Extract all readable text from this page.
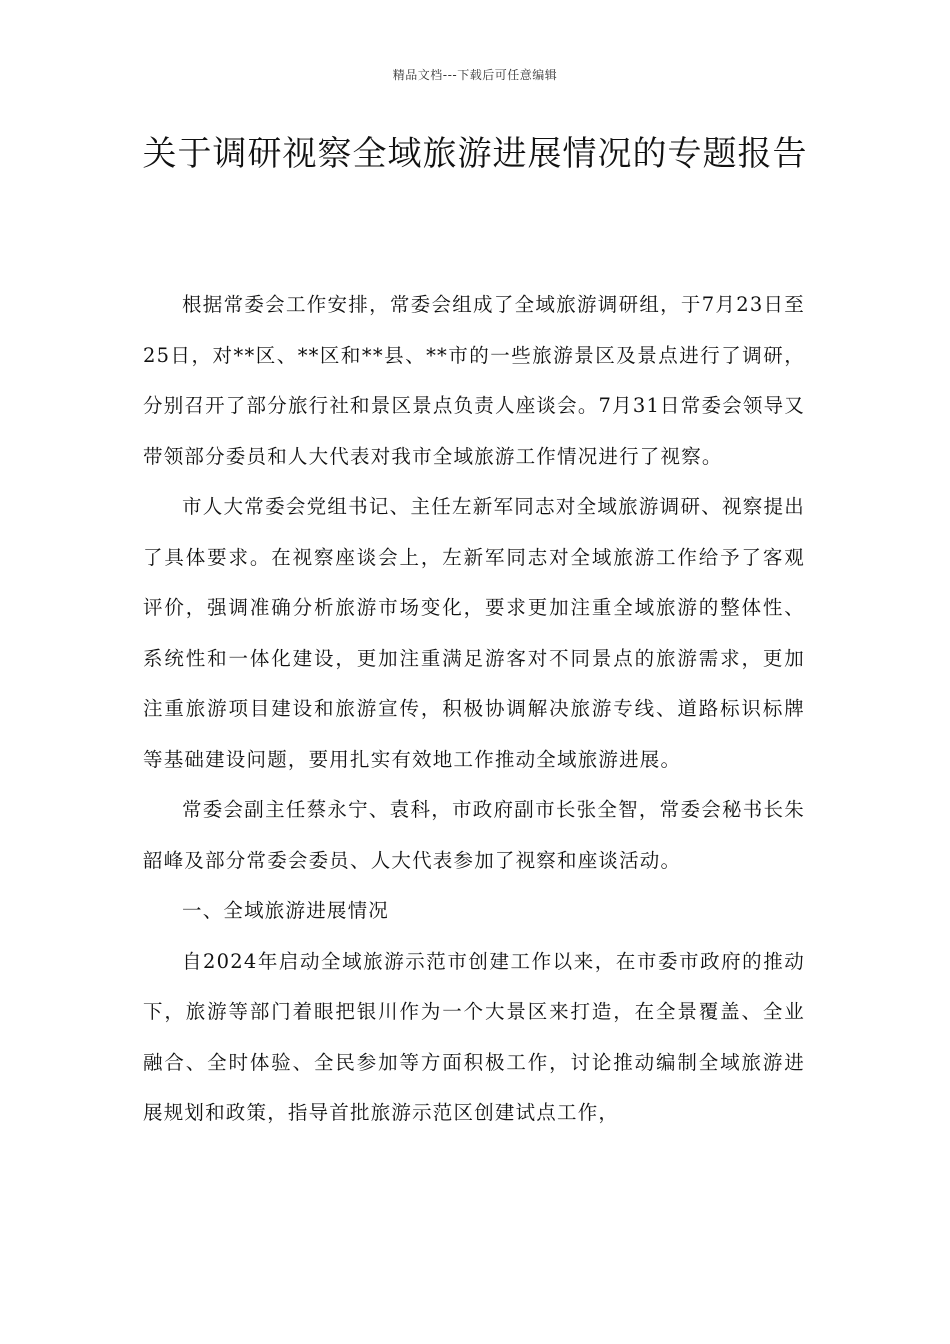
精品文档---下载后可任意编辑
关于调研视察全域旅游进展情况的专题报告

根据常委会工作安排，常委会组成了全域旅游调研组，于7月23日至25日，对**区、**区和**县、**市的一些旅游景区及景点进行了调研，分别召开了部分旅行社和景区景点负责人座谈会。7月31日常委会领导又带领部分委员和人大代表对我市全域旅游工作情况进行了视察。

市人大常委会党组书记、主任左新军同志对全域旅游调研、视察提出了具体要求。在视察座谈会上，左新军同志对全域旅游工作给予了客观评价，强调准确分析旅游市场变化，要求更加注重全域旅游的整体性、系统性和一体化建设，更加注重满足游客对不同景点的旅游需求，更加注重旅游项目建设和旅游宣传，积极协调解决旅游专线、道路标识标牌等基础建设问题，要用扎实有效地工作推动全域旅游进展。

常委会副主任蔡永宁、袁科，市政府副市长张全智，常委会秘书长朱韶峰及部分常委会委员、人大代表参加了视察和座谈活动。

一、全域旅游进展情况

自2024年启动全域旅游示范市创建工作以来，在市委市政府的推动下，旅游等部门着眼把银川作为一个大景区来打造，在全景覆盖、全业融合、全时体验、全民参加等方面积极工作，讨论推动编制全域旅游进展规划和政策，指导首批旅游示范区创建试点工作，
